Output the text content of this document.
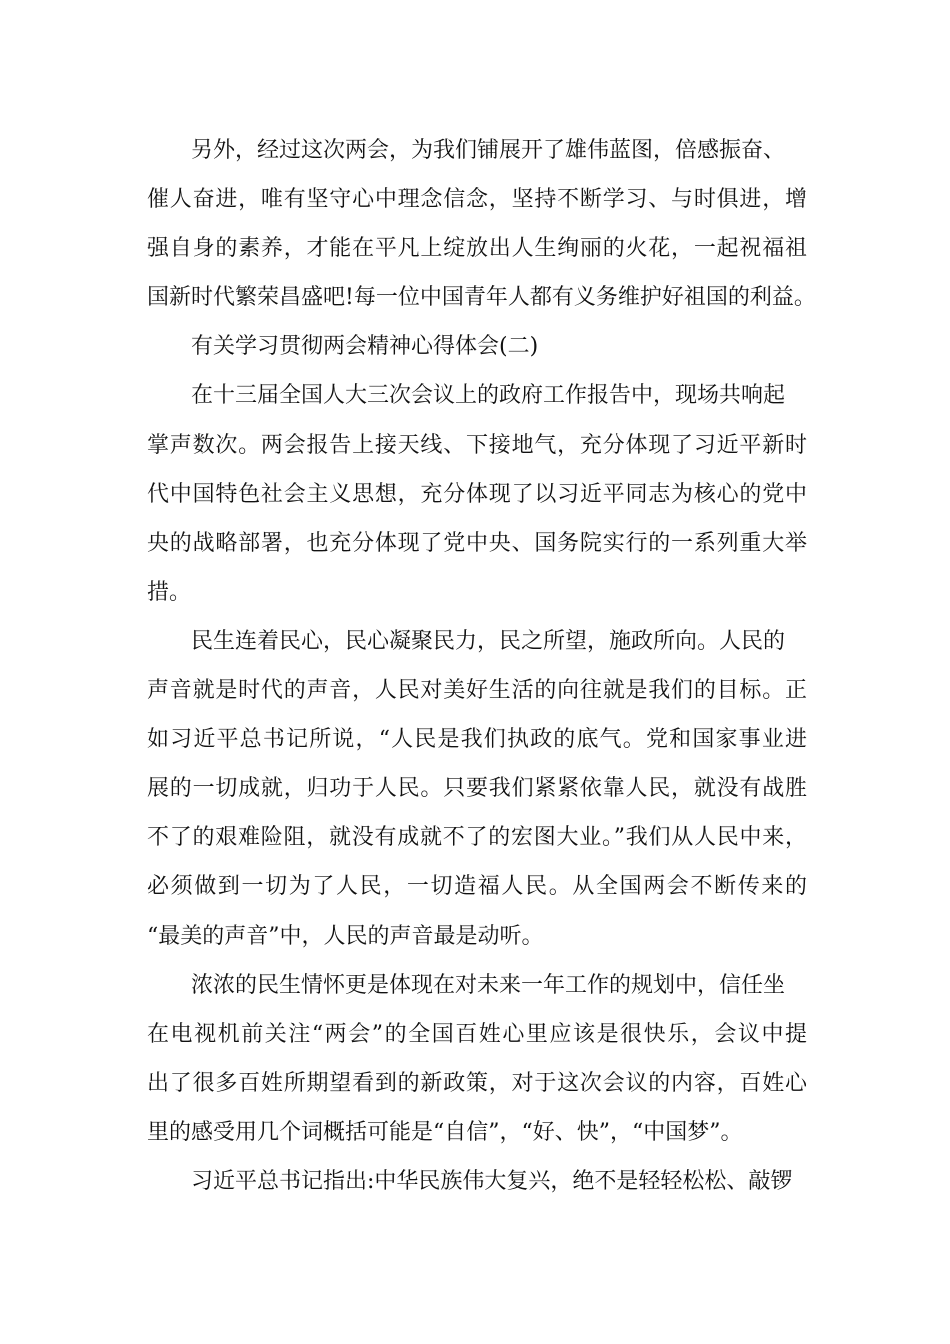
另外，经过这次两会，为我们铺展开了雄伟蓝图，倍感振奋、
催人奋进，唯有坚守心中理念信念，坚持不断学习、与时俱进，增
强自身的素养，才能在平凡上绽放出人生绚丽的火花，一起祝福祖
国新时代繁荣昌盛吧!每一位中国青年人都有义务维护好祖国的利益。
有关学习贯彻两会精神心得体会(二)
在十三届全国人大三次会议上的政府工作报告中，现场共响起
掌声数次。两会报告上接天线、下接地气，充分体现了习近平新时
代中国特色社会主义思想，充分体现了以习近平同志为核心的党中
央的战略部署，也充分体现了党中央、国务院实行的一系列重大举
措。
民生连着民心，民心凝聚民力，民之所望，施政所向。人民的
声音就是时代的声音，人民对美好生活的向往就是我们的目标。正
如习近平总书记所说，“人民是我们执政的底气。党和国家事业进
展的一切成就，归功于人民。只要我们紧紧依靠人民，就没有战胜
不了的艰难险阻，就没有成就不了的宏图大业。”我们从人民中来，
必须做到一切为了人民，一切造福人民。从全国两会不断传来的
“最美的声音”中，人民的声音最是动听。
浓浓的民生情怀更是体现在对未来一年工作的规划中，信任坐
在电视机前关注“两会”的全国百姓心里应该是很快乐，会议中提
出了很多百姓所期望看到的新政策，对于这次会议的内容，百姓心
里的感受用几个词概括可能是“自信”，“好、快”，“中国梦”。
习近平总书记指出:中华民族伟大复兴，绝不是轻轻松松、敲锣
